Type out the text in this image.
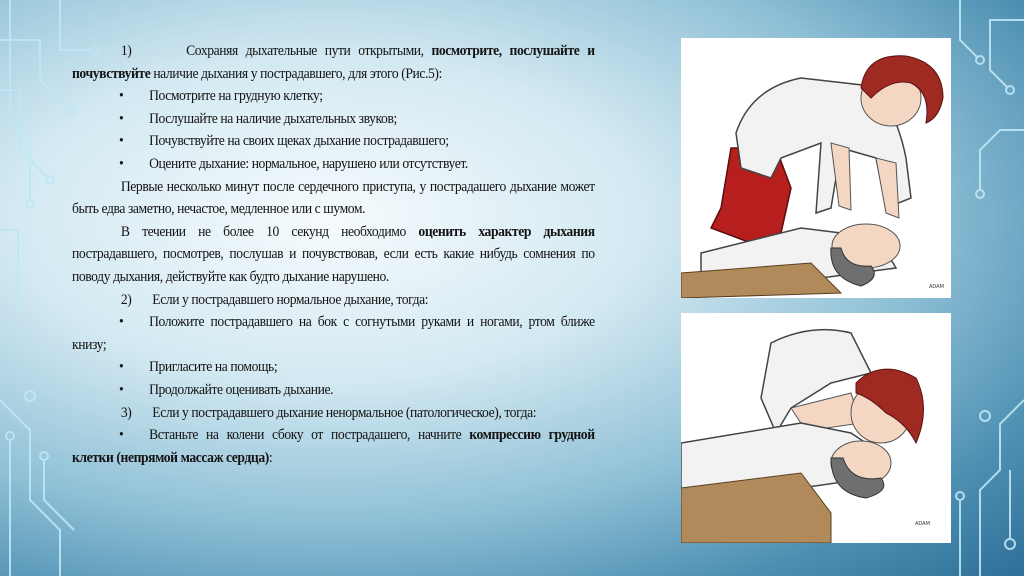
1)	Сохраняя дыхательные пути открытыми, посмотрите, послушайте и почувствуйте наличие дыхания у пострадавшего, для этого (Рис.5):

• Посмотрите на грудную клетку;

• Послушайте на наличие дыхательных звуков;

• Почувствуйте на своих щеках дыхание пострадавшего;

• Оцените дыхание: нормальное, нарушено или отсутствует.

Первые несколько минут после сердечного приступа, у пострадашего дыхание может быть едва заметно, нечастое, медленное или с шумом.

В течении не более 10 секунд необходимо оценить характер дыхания пострадавшего, посмотрев, послушав и почувствовав, если есть какие нибудь сомнения по поводу дыхания, действуйте как будто дыхание нарушено.

2) Если у пострадавшего нормальное дыхание, тогда:

• Положите пострадавшего на бок с согнутыми руками и ногами, ртом ближе книзу;

• Пригласите на помощь;

• Продолжайте оценивать дыхание.

3) Если у пострадавшего дыхание ненормальное (патологическое), тогда:

• Встаньте на колени сбоку от пострадашего, начните компрессию грудной клетки (непрямой массаж сердца):

ADAM
ADAM
